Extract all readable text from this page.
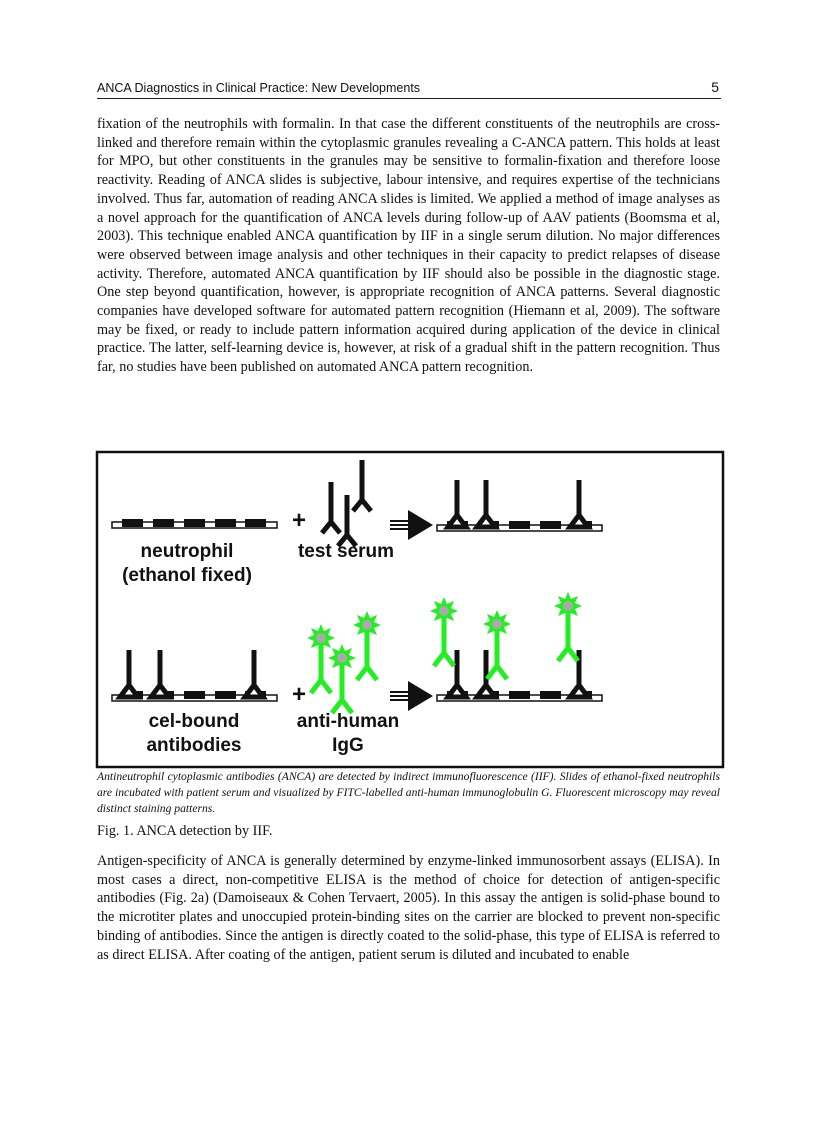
ANCA Diagnostics in Clinical Practice: New Developments	5

fixation of the neutrophils with formalin. In that case the different constituents of the neutrophils are cross-linked and therefore remain within the cytoplasmic granules revealing a C-ANCA pattern. This holds at least for MPO, but other constituents in the granules may be sensitive to formalin-fixation and therefore loose reactivity. Reading of ANCA slides is subjective, labour intensive, and requires expertise of the technicians involved. Thus far, automation of reading ANCA slides is limited. We applied a method of image analyses as a novel approach for the quantification of ANCA levels during follow-up of AAV patients (Boomsma et al, 2003). This technique enabled ANCA quantification by IIF in a single serum dilution. No major differences were observed between image analysis and other techniques in their capacity to predict relapses of disease activity. Therefore, automated ANCA quantification by IIF should also be possible in the diagnostic stage. One step beyond quantification, however, is appropriate recognition of ANCA patterns. Several diagnostic companies have developed software for automated pattern recognition (Hiemann et al, 2009). The software may be fixed, or ready to include pattern information acquired during application of the device in clinical practice. The latter, self-learning device is, however, at risk of a gradual shift in the pattern recognition. Thus far, no studies have been published on automated ANCA pattern recognition.

+
neutrophil
(ethanol fixed)
test serum
+
cel-bound
antibodies
anti-human
IgG

Antineutrophil cytoplasmic antibodies (ANCA) are detected by indirect immunofluorescence (IIF). Slides of ethanol-fixed neutrophils are incubated with patient serum and visualized by FITC-labelled anti-human immunoglobulin G. Fluorescent microscopy may reveal distinct staining patterns.

Fig. 1. ANCA detection by IIF.

Antigen-specificity of ANCA is generally determined by enzyme-linked immunosorbent assays (ELISA). In most cases a direct, non-competitive ELISA is the method of choice for detection of antigen-specific antibodies (Fig. 2a) (Damoiseaux & Cohen Tervaert, 2005). In this assay the antigen is solid-phase bound to the microtiter plates and unoccupied protein-binding sites on the carrier are blocked to prevent non-specific binding of antibodies. Since the antigen is directly coated to the solid-phase, this type of ELISA is referred to as direct ELISA. After coating of the antigen, patient serum is diluted and incubated to enable
